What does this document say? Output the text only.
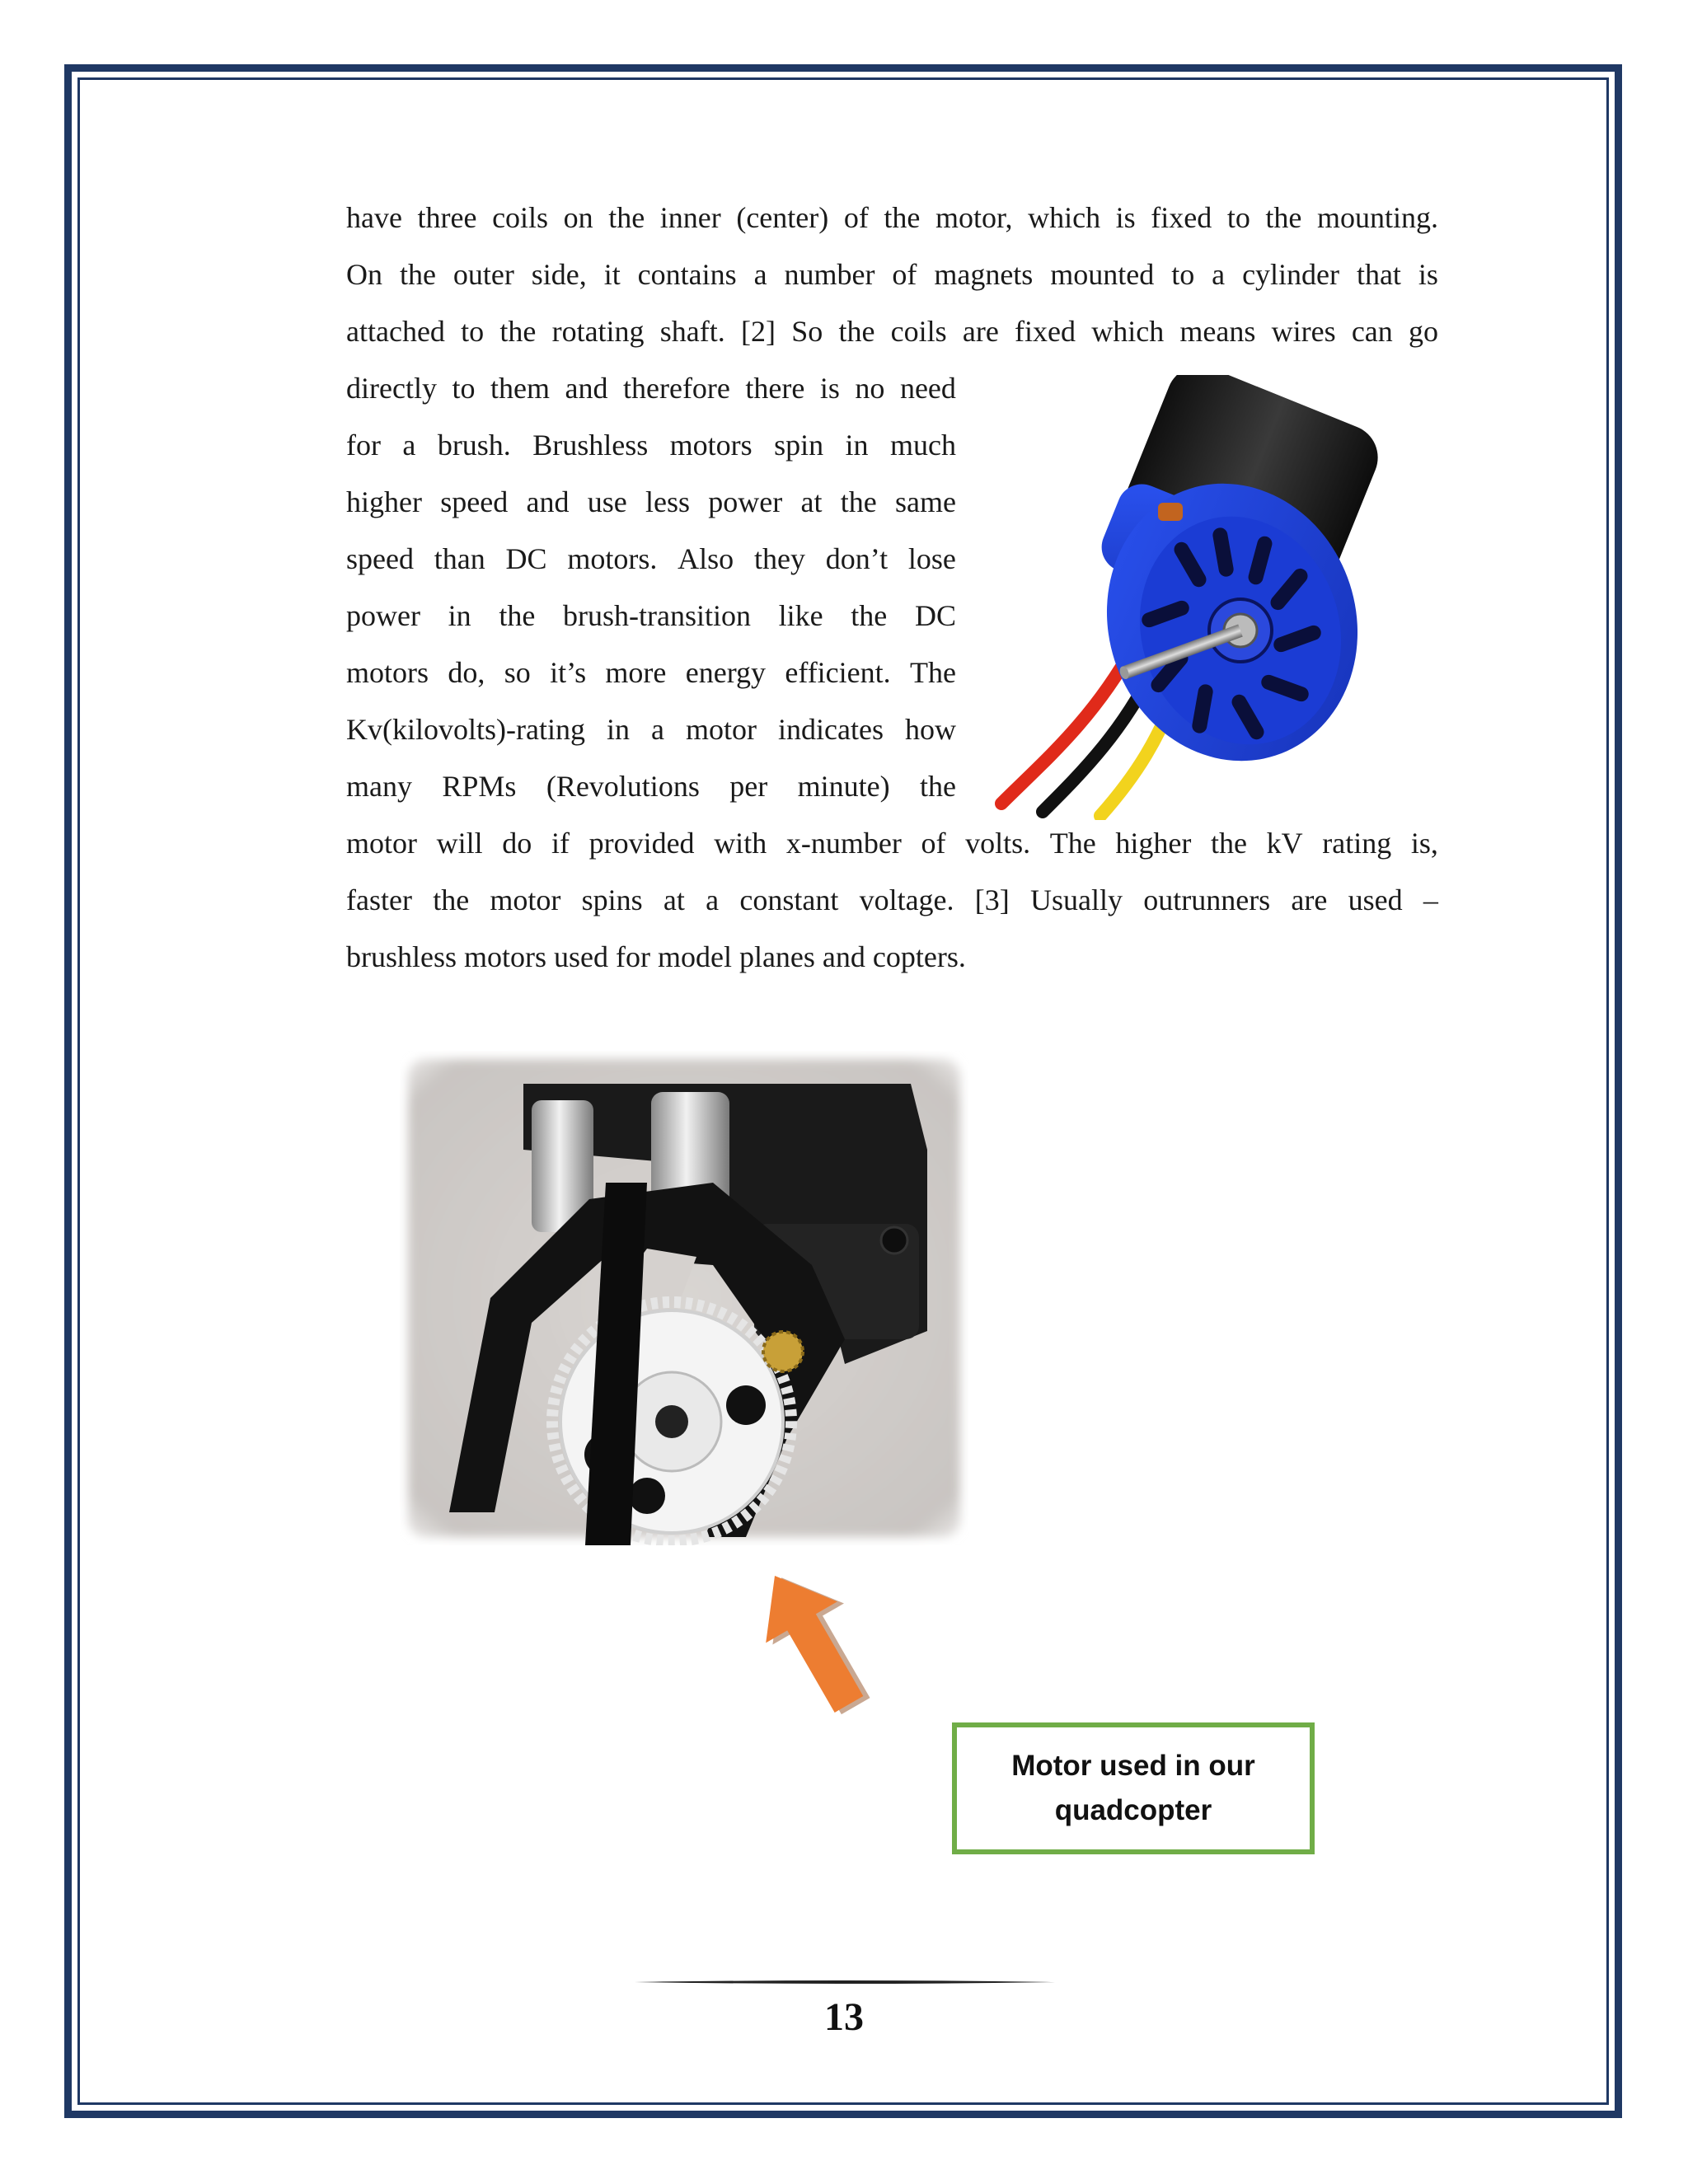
have three coils on the inner (center) of the motor, which is fixed to the mounting.
On the outer side, it contains a number of magnets mounted to a cylinder that is
attached to the rotating shaft. [2] So the coils are fixed which means wires can go
directly to them and therefore there is no need
for a brush. Brushless motors spin in much
higher speed and use less power at the same
speed than DC motors. Also they don’t lose
power in the brush-transition like the DC
motors do, so it’s more energy efficient. The
Kv(kilovolts)-rating in a motor indicates how
many RPMs (Revolutions per minute) the
motor will do if provided with x-number of volts. The higher the kV rating is,
faster the motor spins at a constant voltage. [3] Usually outrunners are used –
brushless motors used for model planes and copters.
Motor used in our quadcopter
13
